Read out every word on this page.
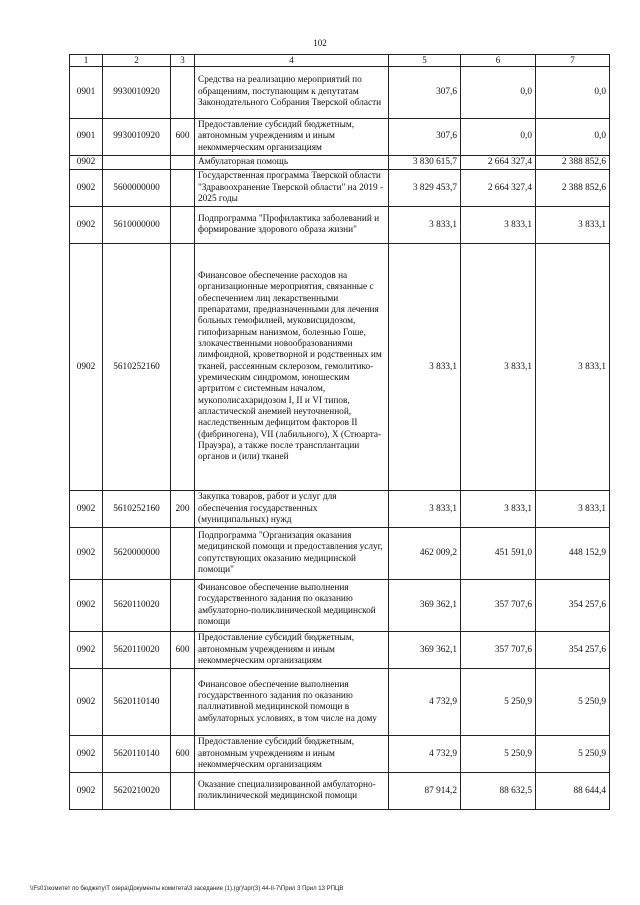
102
1	2	3	4	5	6	7
0901	9930010920		Средства на реализацию мероприятий по обращениям, поступающим к депутатам Законодательного Собрания Тверской области	307,6	0,0	0,0
0901	9930010920	600	Предоставление субсидий бюджетным, автономным учреждениям и иным некоммерческим организациям	307,6	0,0	0,0
0902			Амбулаторная помощь	3 830 615,7	2 664 327,4	2 388 852,6
0902	5600000000		Государственная программа Тверской области "Здравоохранение Тверской области" на 2019 - 2025 годы	3 829 453,7	2 664 327,4	2 388 852,6
0902	5610000000		Подпрограмма "Профилактика заболеваний и формирование здорового образа жизни"	3 833,1	3 833,1	3 833,1
0902	5610252160		Финансовое обеспечение расходов на организационные мероприятия, связанные с обеспечением лиц лекарственными препаратами, предназначенными для лечения больных гемофилией, муковисцидозом, гипофизарным нанизмом, болезнью Гоше, злокачественными новообразованиями лимфоидной, кроветворной и родственных им тканей, рассеянным склерозом, гемолитико-уремическим синдромом, юношеским артритом с системным началом, мукополисахаридозом I, II и VI типов, апластической анемией неуточненной, наследственным дефицитом факторов II (фибриногена), VII (лабильного), X (Стюарта-Прауэра), а также после трансплантации органов и (или) тканей	3 833,1	3 833,1	3 833,1
0902	5610252160	200	Закупка товаров, работ и услуг для обеспечения государственных (муниципальных) нужд	3 833,1	3 833,1	3 833,1
0902	5620000000		Подпрограмма "Организация оказания медицинской помощи и предоставления услуг, сопутствующих оказанию медицинской помощи"	462 009,2	451 591,0	448 152,9
0902	5620110020		Финансовое обеспечение выполнения государственного задания по оказанию амбулаторно-поликлинической медицинской помощи	369 362,1	357 707,6	354 257,6
0902	5620110020	600	Предоставление субсидий бюджетным, автономным учреждениям и иным некоммерческим организациям	369 362,1	357 707,6	354 257,6
0902	5620110140		Финансовое обеспечение выполнения государственного задания по оказанию паллиативной медицинской помощи в амбулаторных условиях, в том числе на дому	4 732,9	5 250,9	5 250,9
0902	5620110140	600	Предоставление субсидий бюджетным, автономным учреждениям и иным некоммерческим организациям	4 732,9	5 250,9	5 250,9
0902	5620210020		Оказание специализированной амбулаторно-поликлинической медицинской помощи	87 914,2	88 632,5	88 644,4
\\Fs01\комитет по бюджету\Т озера\Документы комитета\3 заседание (1).(gr)\зрг(3) 44-II-7\Прил 3 Прил 13 РПЦВ
